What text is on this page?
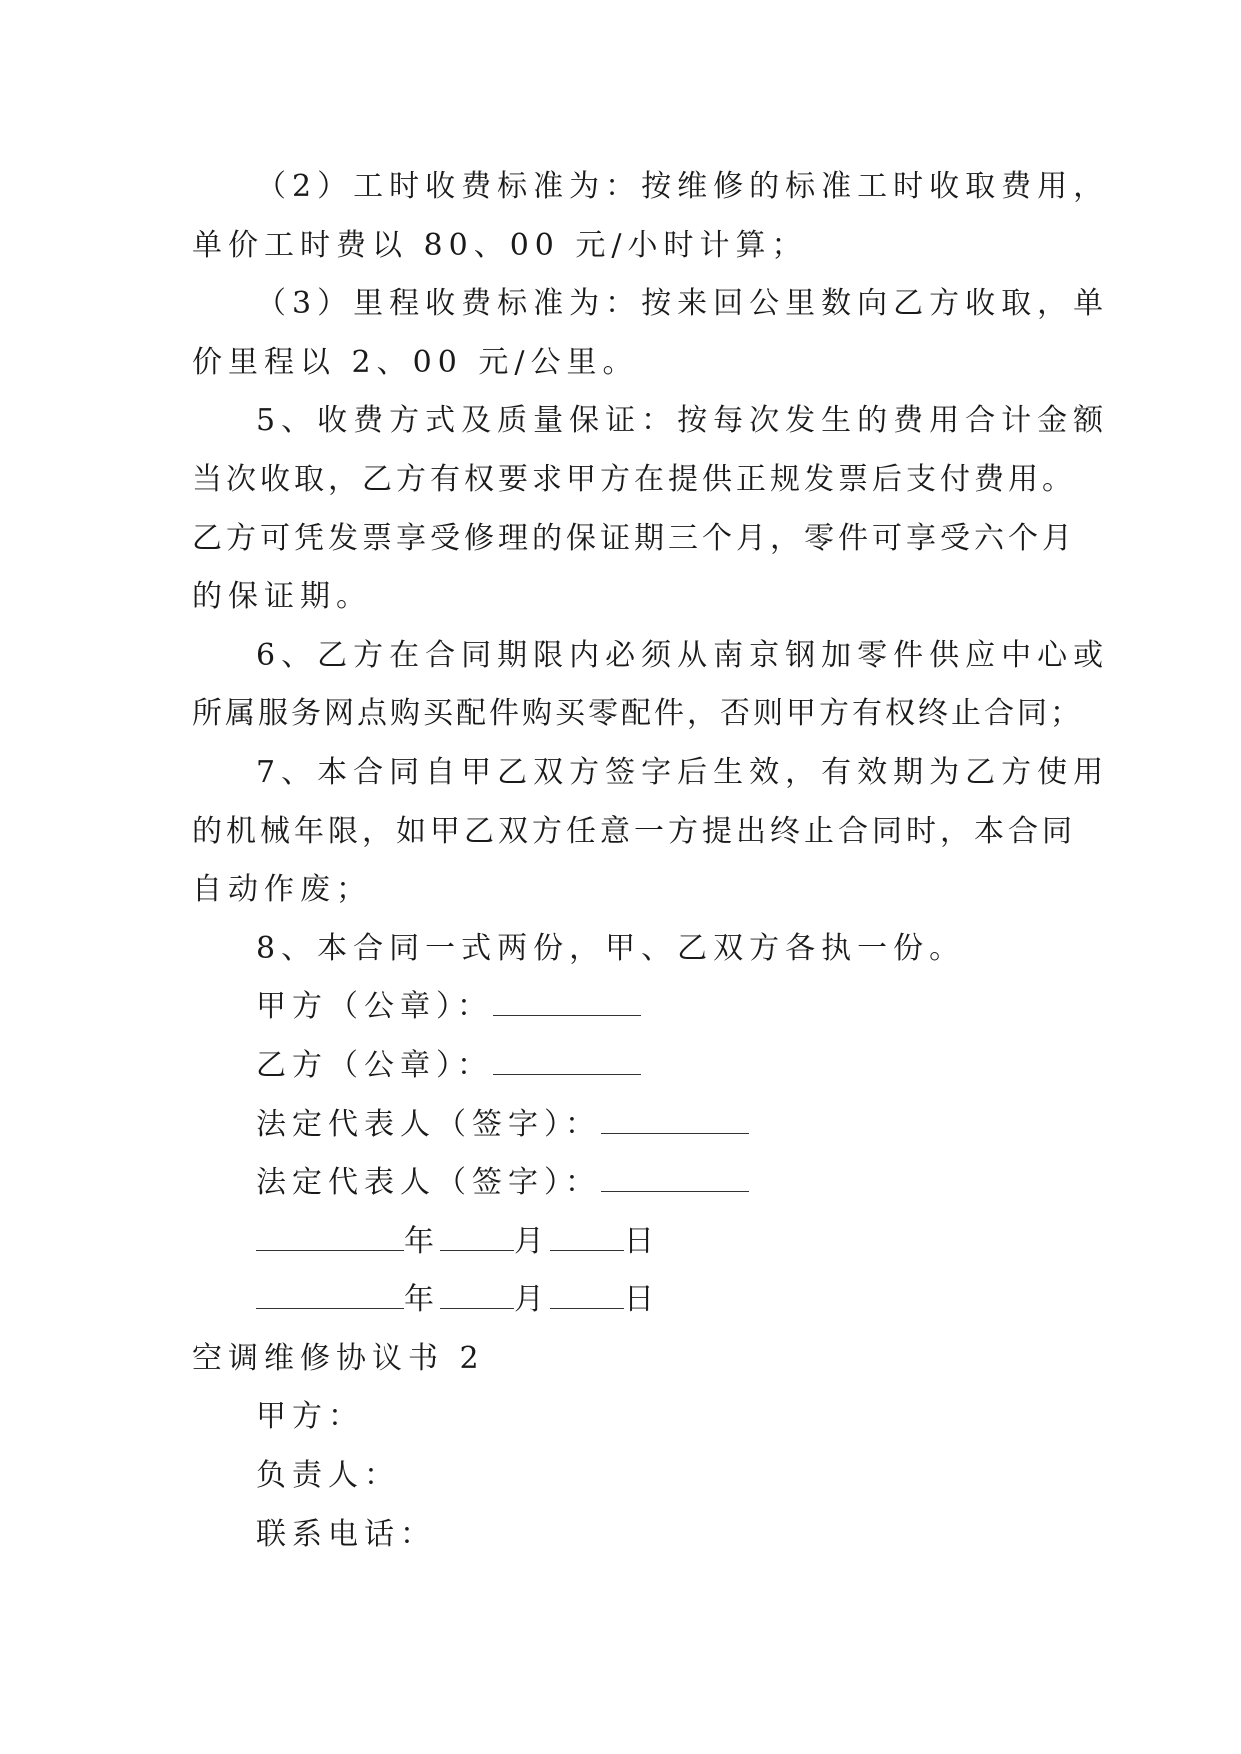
（2）工时收费标准为：按维修的标准工时收取费用，
单价工时费以 80、00 元/小时计算；
（3）里程收费标准为：按来回公里数向乙方收取，单
价里程以 2、00 元/公里。
5、收费方式及质量保证：按每次发生的费用合计金额
当次收取，乙方有权要求甲方在提供正规发票后支付费用。
乙方可凭发票享受修理的保证期三个月，零件可享受六个月
的保证期。
6、乙方在合同期限内必须从南京钢加零件供应中心或
所属服务网点购买配件购买零配件，否则甲方有权终止合同；
7、本合同自甲乙双方签字后生效，有效期为乙方使用
的机械年限，如甲乙双方任意一方提出终止合同时，本合同
自动作废；
8、本合同一式两份，甲、乙双方各执一份。
甲方（公章）：
乙方（公章）：
法定代表人（签字）：
法定代表人（签字）：
年 月 日
年 月 日
空调维修协议书 2
甲方：
负责人：
联系电话：
